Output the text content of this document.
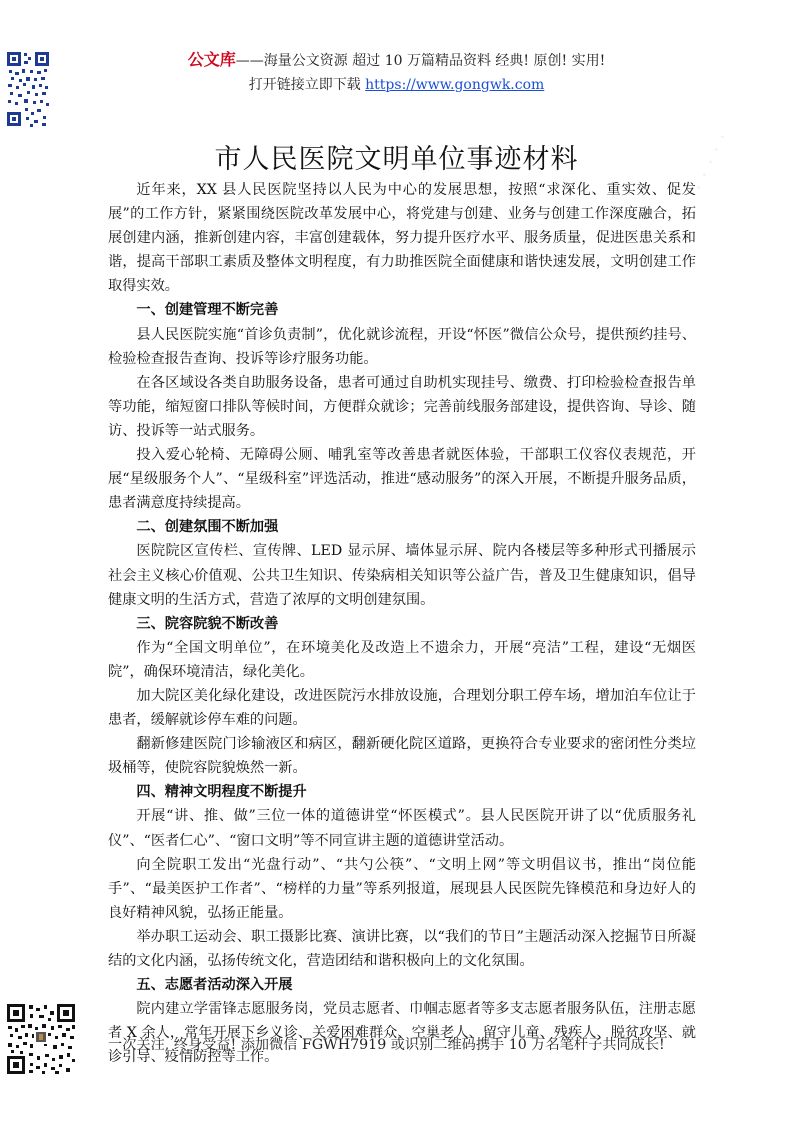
· · · · ·
公文库——海量公文资源 超过 10 万篇精品资料 经典! 原创! 实用!
打开链接立即下载 https://www.gongwk.com
市人民医院文明单位事迹材料

近年来，XX 县人民医院坚持以人民为中心的发展思想，按照“求深化、重实效、促发展”的工作方针，紧紧围绕医院改革发展中心，将党建与创建、业务与创建工作深度融合，拓展创建内涵，推新创建内容，丰富创建载体，努力提升医疗水平、服务质量，促进医患关系和谐，提高干部职工素质及整体文明程度，有力助推医院全面健康和谐快速发展，文明创建工作取得实效。

一、创建管理不断完善

县人民医院实施“首诊负责制”，优化就诊流程，开设“怀医”微信公众号，提供预约挂号、检验检查报告查询、投诉等诊疗服务功能。

在各区域设各类自助服务设备，患者可通过自助机实现挂号、缴费、打印检验检查报告单等功能，缩短窗口排队等候时间，方便群众就诊；完善前线服务部建设，提供咨询、导诊、随访、投诉等一站式服务。

投入爱心轮椅、无障碍公厕、哺乳室等改善患者就医体验，干部职工仪容仪表规范，开展“星级服务个人”、“星级科室”评选活动，推进“感动服务”的深入开展，不断提升服务品质，患者满意度持续提高。

二、创建氛围不断加强

医院院区宣传栏、宣传牌、LED 显示屏、墙体显示屏、院内各楼层等多种形式刊播展示社会主义核心价值观、公共卫生知识、传染病相关知识等公益广告，普及卫生健康知识，倡导健康文明的生活方式，营造了浓厚的文明创建氛围。

三、院容院貌不断改善

作为“全国文明单位”，在环境美化及改造上不遗余力，开展“亮洁”工程，建设“无烟医院”，确保环境清洁，绿化美化。

加大院区美化绿化建设，改进医院污水排放设施，合理划分职工停车场，增加泊车位让于患者，缓解就诊停车难的问题。

翻新修建医院门诊输液区和病区，翻新硬化院区道路，更换符合专业要求的密闭性分类垃圾桶等，使院容院貌焕然一新。

四、精神文明程度不断提升

开展“讲、推、做”三位一体的道德讲堂“怀医模式”。县人民医院开讲了以“优质服务礼仪”、“医者仁心”、“窗口文明”等不同宣讲主题的道德讲堂活动。

向全院职工发出“光盘行动”、“共勺公筷”、“文明上网”等文明倡议书，推出“岗位能手”、“最美医护工作者”、“榜样的力量”等系列报道，展现县人民医院先锋模范和身边好人的良好精神风貌，弘扬正能量。

举办职工运动会、职工摄影比赛、演讲比赛，以“我们的节日”主题活动深入挖掘节日所凝结的文化内涵，弘扬传统文化，营造团结和谐积极向上的文化氛围。

五、志愿者活动深入开展

院内建立学雷锋志愿服务岗，党员志愿者、巾帼志愿者等多支志愿者服务队伍，注册志愿者 X 余人，常年开展下乡义诊、关爱困难群众、空巢老人、留守儿童、残疾人、脱贫攻坚、就诊引导、疫情防控等工作。

一次关注, 终身受益! 添加微信 FGWH7919 或识别二维码携手 10 万名笔杆子共同成长!
